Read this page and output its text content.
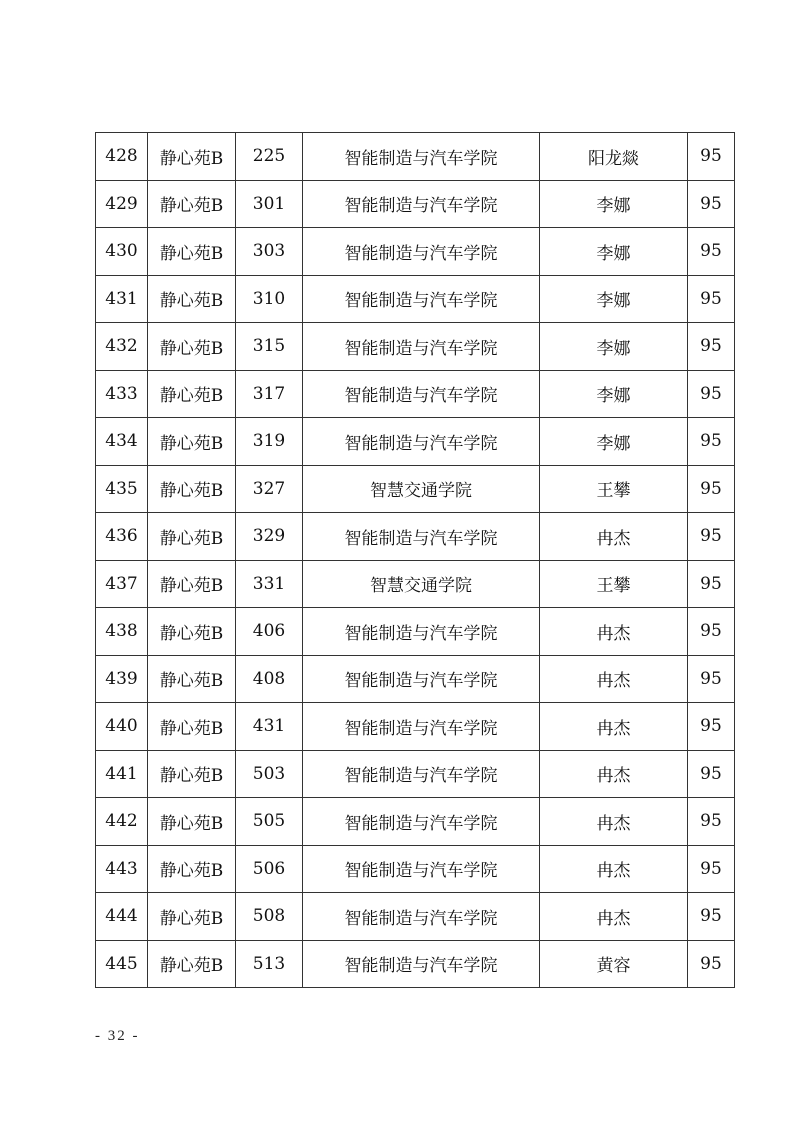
428	静心苑B	225	智能制造与汽车学院	阳龙燚	95
429	静心苑B	301	智能制造与汽车学院	李娜	95
430	静心苑B	303	智能制造与汽车学院	李娜	95
431	静心苑B	310	智能制造与汽车学院	李娜	95
432	静心苑B	315	智能制造与汽车学院	李娜	95
433	静心苑B	317	智能制造与汽车学院	李娜	95
434	静心苑B	319	智能制造与汽车学院	李娜	95
435	静心苑B	327	智慧交通学院	王攀	95
436	静心苑B	329	智能制造与汽车学院	冉杰	95
437	静心苑B	331	智慧交通学院	王攀	95
438	静心苑B	406	智能制造与汽车学院	冉杰	95
439	静心苑B	408	智能制造与汽车学院	冉杰	95
440	静心苑B	431	智能制造与汽车学院	冉杰	95
441	静心苑B	503	智能制造与汽车学院	冉杰	95
442	静心苑B	505	智能制造与汽车学院	冉杰	95
443	静心苑B	506	智能制造与汽车学院	冉杰	95
444	静心苑B	508	智能制造与汽车学院	冉杰	95
445	静心苑B	513	智能制造与汽车学院	黄容	95
- 32 -
